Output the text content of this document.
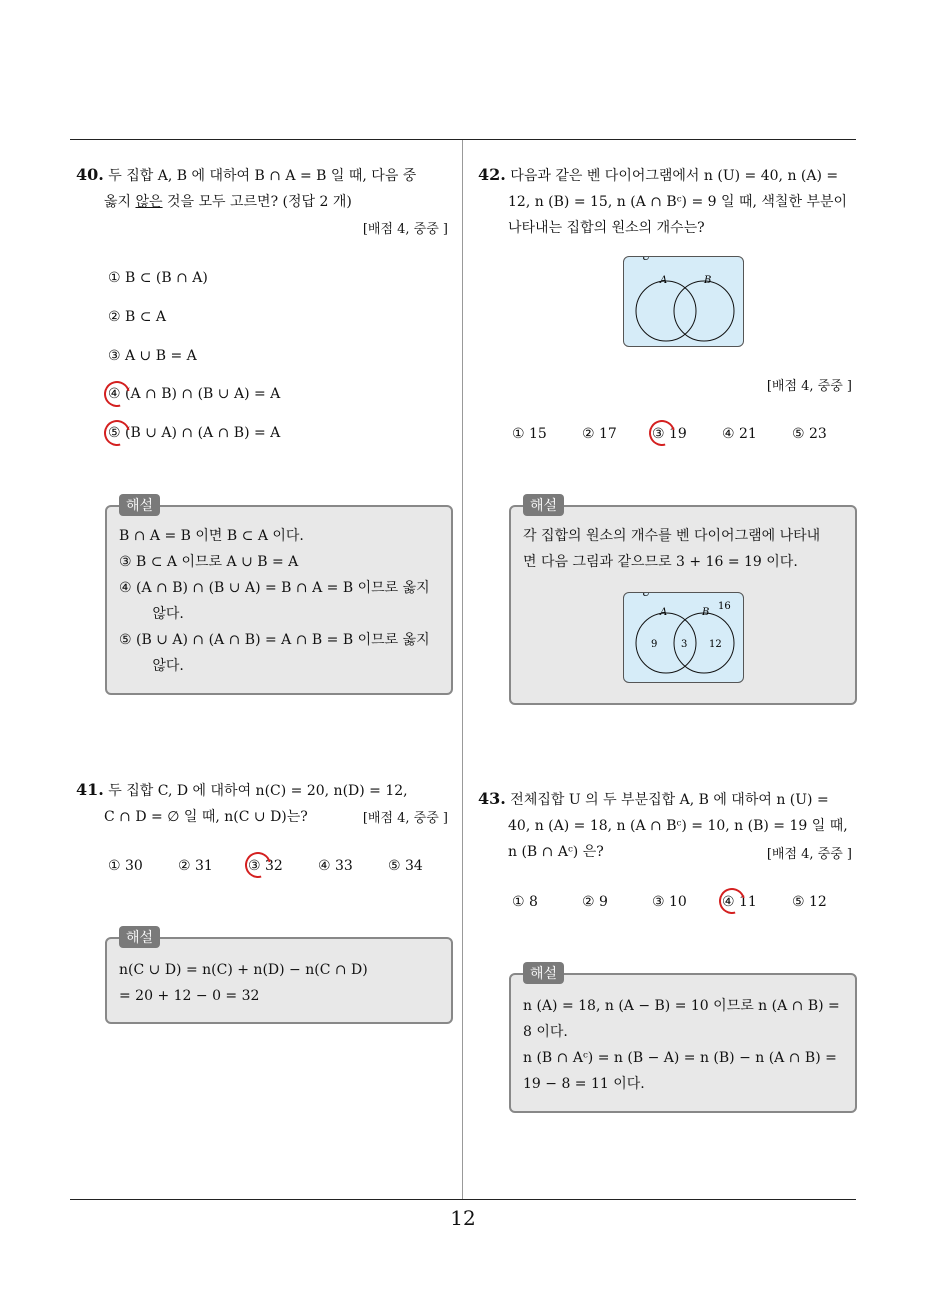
40. 두 집합 A, B 에 대하여 B ∩ A = B 일 때, 다음 중
옳지 않은 것을 모두 고르면? (정답 2 개)
[배점 4, 중중 ]
① B ⊂ (B ∩ A)
② B ⊂ A
③ A ∪ B = A
④ (A ∩ B) ∩ (B ∪ A) = A
⑤ (B ∪ A) ∩ (A ∩ B) = A
B ∩ A = B 이면 B ⊂ A 이다.
③ B ⊂ A 이므로 A ∪ B = A
④ (A ∩ B) ∩ (B ∪ A) = B ∩ A = B 이므로 옳지
않다.
⑤ (B ∪ A) ∩ (A ∩ B) = A ∩ B = B 이므로 옳지
않다.
해설
41. 두 집합 C, D 에 대하여 n(C) = 20, n(D) = 12,
C ∩ D = ∅ 일 때, n(C ∪ D)는?	[배점 4, 중중 ]
① 30	② 31	③ 32	④ 33	⑤ 34
n(C ∪ D) = n(C) + n(D) − n(C ∩ D)
= 20 + 12 − 0 = 32
해설
42. 다음과 같은 벤 다이어그램에서 n (U) = 40, n (A) =
12, n (B) = 15, n (A ∩ Bᶜ) = 9 일 때, 색칠한 부분이
나타내는 집합의 원소의 개수는?
U
A	B
[배점 4, 중중 ]
① 15	② 17	③ 19	④ 21	⑤ 23
각 집합의 원소의 개수를 벤 다이어그램에 나타내
면 다음 그림과 같으므로 3 + 16 = 19 이다.
해설
U
A	B
16
9 3 12
43. 전체집합 U 의 두 부분집합 A, B 에 대하여 n (U) =
40, n (A) = 18, n (A ∩ Bᶜ) = 10, n (B) = 19 일 때,
n (B ∩ Aᶜ) 은?	[배점 4, 중중 ]
① 8	② 9	③ 10	④ 11	⑤ 12
n (A) = 18, n (A − B) = 10 이므로 n (A ∩ B) =
8 이다.
n (B ∩ Aᶜ) = n (B − A) = n (B) − n (A ∩ B) =
19 − 8 = 11 이다.
해설
12
